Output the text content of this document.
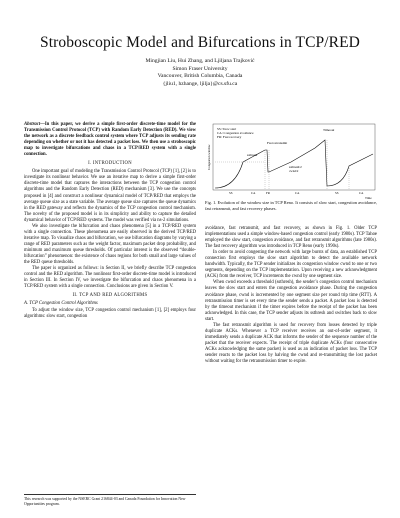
Stroboscopic Model and Bifurcations in TCP/RED
Mingjian Liu, Hui Zhang, and Ljiljana Trajković
Simon Fraser University
Vancouver, British Columbia, Canada
{jliu1, hzhange, ljilja}@cs.sfu.ca
Abstract—In this paper, we derive a simple first-order discrete-time model for the Transmission Control Protocol (TCP) with Random Early Detection (RED). We view the network as a discrete feedback control system where TCP adjusts its sending rate depending on whether or not it has detected a packet loss. We then use a stroboscopic map to investigate bifurcations and chaos in a TCP/RED system with a single connection.
I. INTRODUCTION

One important goal of modeling the Transmission Control Protocol (TCP) [1], [2] is to investigate its nonlinear behavior. We use an iterative map to derive a simple first-order discrete-time model that captures the interactions between the TCP congestion control algorithms and the Random Early Detection (RED) mechanism [3]. We use the concepts proposed in [4] and construct a nonlinear dynamical model of TCP/RED that employs the average queue size as a state variable. The average queue size captures the queue dynamics in the RED gateway and reflects the dynamics of the TCP congestion control mechanism. The novelty of the proposed model is in its simplicity and ability to capture the detailed dynamical behavior of TCP/RED systems. The model was verified via ns-2 simulations.

We also investigate the bifurcation and chaos phenomena [5] in a TCP/RED system with a single connection. These phenomena are easily observed in the derived TCP/RED iterative map. To visualize chaos and bifurcation, we use bifurcation diagrams by varying a range of RED parameters such as the weight factor, maximum packet drop probability, and minimum and maximum queue thresholds. Of particular interest is the observed “double-bifurcation” phenomenon: the existence of chaos regions for both small and large values of the RED queue thresholds.

The paper is organized as follows: in Section II, we briefly describe TCP congestion control and the RED algorithm. The nonlinear first-order discrete-time model is introduced in Section III. In Section IV, we investigate the bifurcation and chaos phenomena in a TCP/RED system with a single connection. Conclusions are given in Section V.

II. TCP AND RED ALGORITHMS
A. TCP Congestion Control Algorithms

To adjust the window size, TCP congestion control mechanism [1], [2] employs four algorithms: slow start, congestion

This research was supported by the NSERC Grant 216844-03 and Canada Foundation for Innovation New Opportunities program.
SS: Slow start
CA: Congestion avoidance
FR: Fast recovery
Congestion window
Timeout
Fast retransmit
ssthresh
ssthresh/2
cwnd/2
SS	CA	FR	CA	SS	CA
Time
Fig. 1. Evolution of the window size in TCP Reno. It consists of slow start, congestion avoidance, fast retransmit, and fast recovery phases.

avoidance, fast retransmit, and fast recovery, as shown in Fig. 1. Older TCP implementations used a simple window-based congestion control (early 1980s). TCP Tahoe employed the slow start, congestion avoidance, and fast retransmit algorithms (late 1980s). The fast recovery algorithm was introduced in TCP Reno (early 1990s).

In order to avoid congesting the network with large bursts of data, an established TCP connection first employs the slow start algorithm to detect the available network bandwidth. Typically, the TCP sender initializes its congestion window cwnd to one or two segments, depending on the TCP implementation. Upon receiving a new acknowledgment (ACK) from the receiver, TCP increments the cwnd by one segment size.

When cwnd exceeds a threshold (ssthresh), the sender’s congestion control mechanism leaves the slow start and enters the congestion avoidance phase. During the congestion avoidance phase, cwnd is incremented by one segment size per round trip time (RTT). A retransmission timer is set every time the sender sends a packet. A packet loss is detected by the timeout mechanism if the timer expires before the receipt of the packet has been acknowledged. In this case, the TCP sender adjusts its ssthresh and switches back to slow start.

The fast retransmit algorithm is used for recovery from losses detected by triple duplicate ACKs. Whenever a TCP receiver receives an out-of-order segment, it immediately sends a duplicate ACK that informs the sender of the sequence number of the packet that the receiver expects. The receipt of triple duplicate ACKs (four consecutive ACKs acknowledging the same packet) is used as an indication of packet loss. The TCP sender reacts to the packet loss by halving the cwnd and re-transmitting the lost packet without waiting for the retransmission timer to expire.
